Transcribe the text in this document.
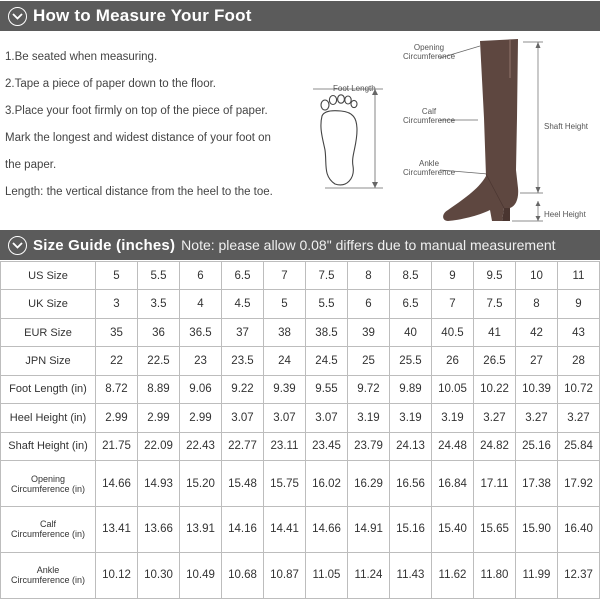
How to Measure Your Foot
1.Be seated when measuring.
2.Tape a piece of paper down to the floor.
3.Place your foot firmly on top of the piece of paper.
Mark the longest and widest distance of your foot on
the paper.
Length: the vertical distance from the heel to the toe.
Foot Length
Opening
Circumference
Calf
Circumference
Ankle
Circumference
Shaft Height
Heel Height
Size Guide (inches) Note: please allow 0.08" differs due to manual measurement
US Size	5	5.5	6	6.5	7	7.5	8	8.5	9	9.5	10	11

UK Size	3	3.5	4	4.5	5	5.5	6	6.5	7	7.5	8	9

EUR Size	35	36	36.5	37	38	38.5	39	40	40.5	41	42	43

JPN Size	22	22.5	23	23.5	24	24.5	25	25.5	26	26.5	27	28

Foot Length (in)	8.72	8.89	9.06	9.22	9.39	9.55	9.72	9.89	10.05	10.22	10.39	10.72

Heel Height (in)	2.99	2.99	2.99	3.07	3.07	3.07	3.19	3.19	3.19	3.27	3.27	3.27

Shaft Height (in)	21.75	22.09	22.43	22.77	23.11	23.45	23.79	24.13	24.48	24.82	25.16	25.84

Opening
Circumference (in)	14.66	14.93	15.20	15.48	15.75	16.02	16.29	16.56	16.84	17.11	17.38	17.92

Calf
Circumference (in)	13.41	13.66	13.91	14.16	14.41	14.66	14.91	15.16	15.40	15.65	15.90	16.40

Ankle
Circumference (in)	10.12	10.30	10.49	10.68	10.87	11.05	11.24	11.43	11.62	11.80	11.99	12.37
